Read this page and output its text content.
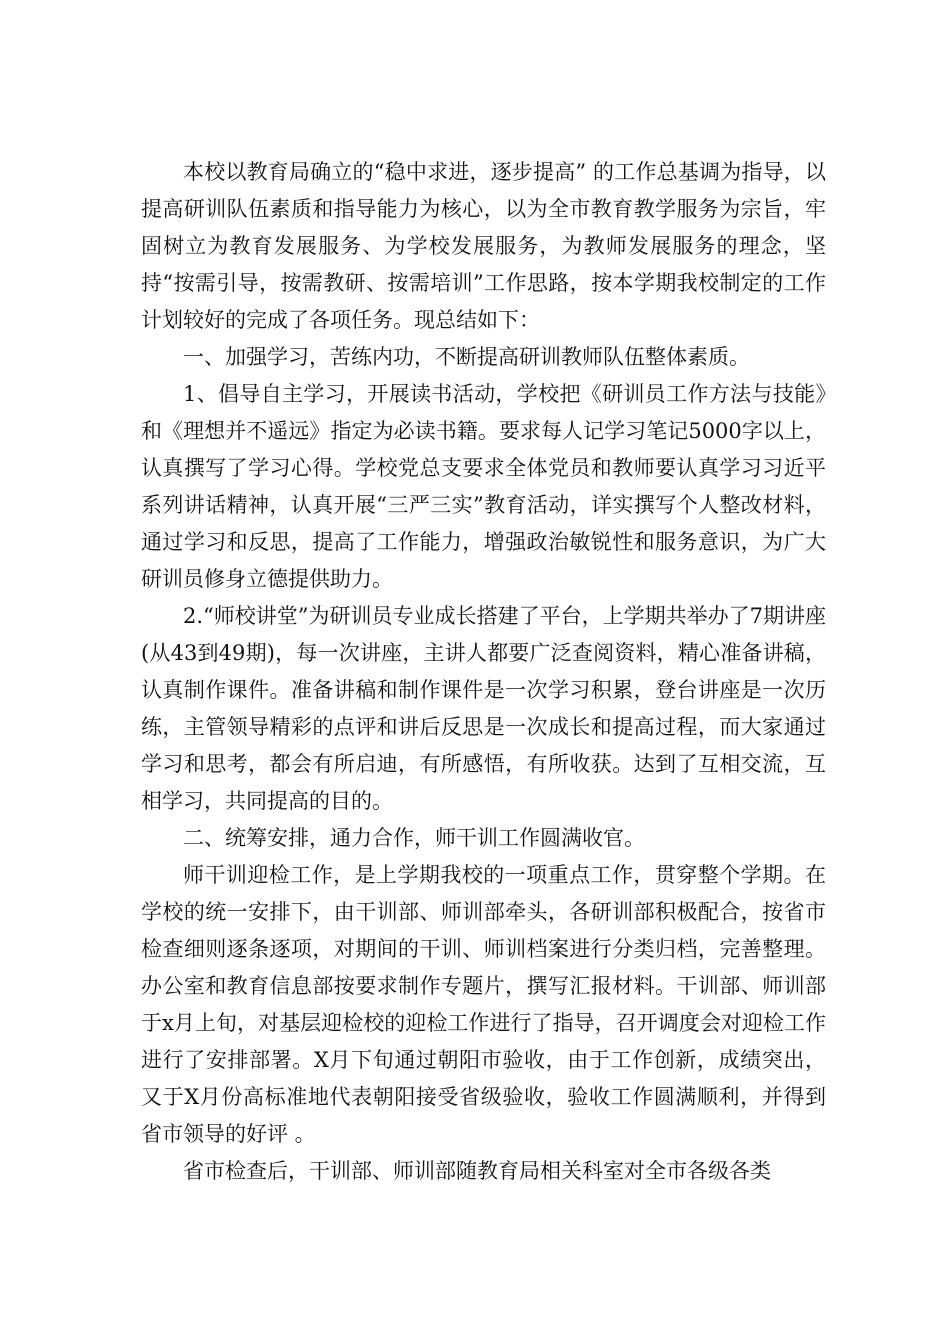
本校以教育局确立的“稳中求进，逐步提高” 的工作总基调为指导，以提高研训队伍素质和指导能力为核心，以为全市教育教学服务为宗旨，牢固树立为教育发展服务、为学校发展服务，为教师发展服务的理念，坚持“按需引导，按需教研、按需培训”工作思路，按本学期我校制定的工作计划较好的完成了各项任务。现总结如下：

一、加强学习，苦练内功，不断提高研训教师队伍整体素质。

1、倡导自主学习，开展读书活动，学校把《研训员工作方法与技能》和《理想并不遥远》指定为必读书籍。要求每人记学习笔记5000字以上，认真撰写了学习心得。学校党总支要求全体党员和教师要认真学习习近平系列讲话精神，认真开展“三严三实”教育活动，详实撰写个人整改材料，通过学习和反思，提高了工作能力，增强政治敏锐性和服务意识，为广大研训员修身立德提供助力。

2.“师校讲堂”为研训员专业成长搭建了平台，上学期共举办了7期讲座(从43到49期)，每一次讲座，主讲人都要广泛查阅资料，精心准备讲稿，认真制作课件。准备讲稿和制作课件是一次学习积累，登台讲座是一次历练，主管领导精彩的点评和讲后反思是一次成长和提高过程，而大家通过学习和思考，都会有所启迪，有所感悟，有所收获。达到了互相交流，互相学习，共同提高的目的。

二、统筹安排，通力合作，师干训工作圆满收官。

师干训迎检工作，是上学期我校的一项重点工作，贯穿整个学期。在学校的统一安排下，由干训部、师训部牵头，各研训部积极配合，按省市检查细则逐条逐项，对期间的干训、师训档案进行分类归档，完善整理。办公室和教育信息部按要求制作专题片，撰写汇报材料。干训部、师训部于x月上旬，对基层迎检校的迎检工作进行了指导，召开调度会对迎检工作进行了安排部署。X月下旬通过朝阳市验收，由于工作创新，成绩突出，又于X月份高标准地代表朝阳接受省级验收，验收工作圆满顺利，并得到省市领导的好评 。

省市检查后，干训部、师训部随教育局相关科室对全市各级各类
